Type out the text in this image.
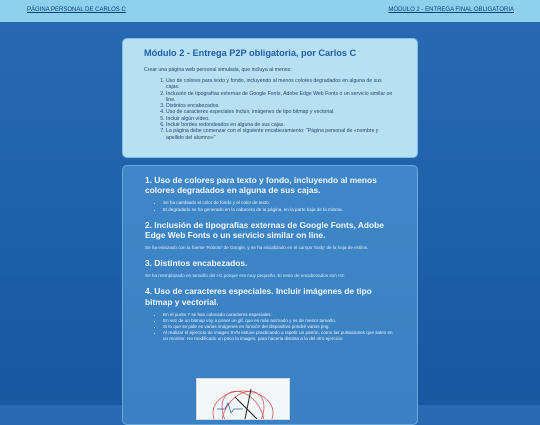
PÁGINA PERSONAL DE CARLOS C	MÓDULO 2 - ENTREGA FINAL OBLIGATORIA
Módulo 2 - Entrega P2P obligatoria, por Carlos C

Crear una página web personal simulada, que incluya al menos:

1. Uso de colores para texto y fondo, incluyendo al menos colores degradados en alguna de sus cajas.
2. Inclusión de tipografías externas de Google Fonts, Adobe Edge Web Fonts o un servicio similar on line.
3. Distintos encabezados.
4. Uso de caracteres especiales Incluir, imágenes de tipo bitmap y vectorial.
5. Incluir algún vídeo.
6. Incluir bordes redondeados en alguna de sus cajas.
7. La página debe comenzar con el siguiente encabezamiento: "Página personal de «nombre y apellido del alumno»"
1. Uso de colores para texto y fondo, incluyendo al menos colores degradados en alguna de sus cajas.
• Se ha cambiado el color de fondo y el color de texto.
• El degradado se ha generado en la cabecera de la página, en la parte baja de la misma.
2. Inclusión de tipografías externas de Google Fonts, Adobe Edge Web Fonts o un servicio similar on line.

Se ha enlazado con la fuente 'Roboto' de Google, y se ha inicializado en el campo 'body' de la hoja de estilos.

3. Distintos encabezados.

Se ha reemplazado en tamaño del H1 porque era muy pequeño. El resto de encabezados son H2.

4. Uso de caracteres especiales. Incluir imágenes de tipo bitmap y vectorial.
• En el punto 7 se han colocado caracteres especiales.
• En vez de un bitmap voy a poner un gif, que es más animado y es de menor tamaño.
• Si lo que se pide es varias imágenes en función del dispositivo pondré varios png.
• Al realizar el ejercicio de imagen SVN estuve practicando a repetir un patrón, como las pulsaciones que salen en un monitor. He modificado un poco la imagen, para hacerla distinta a la del otro ejercicio
